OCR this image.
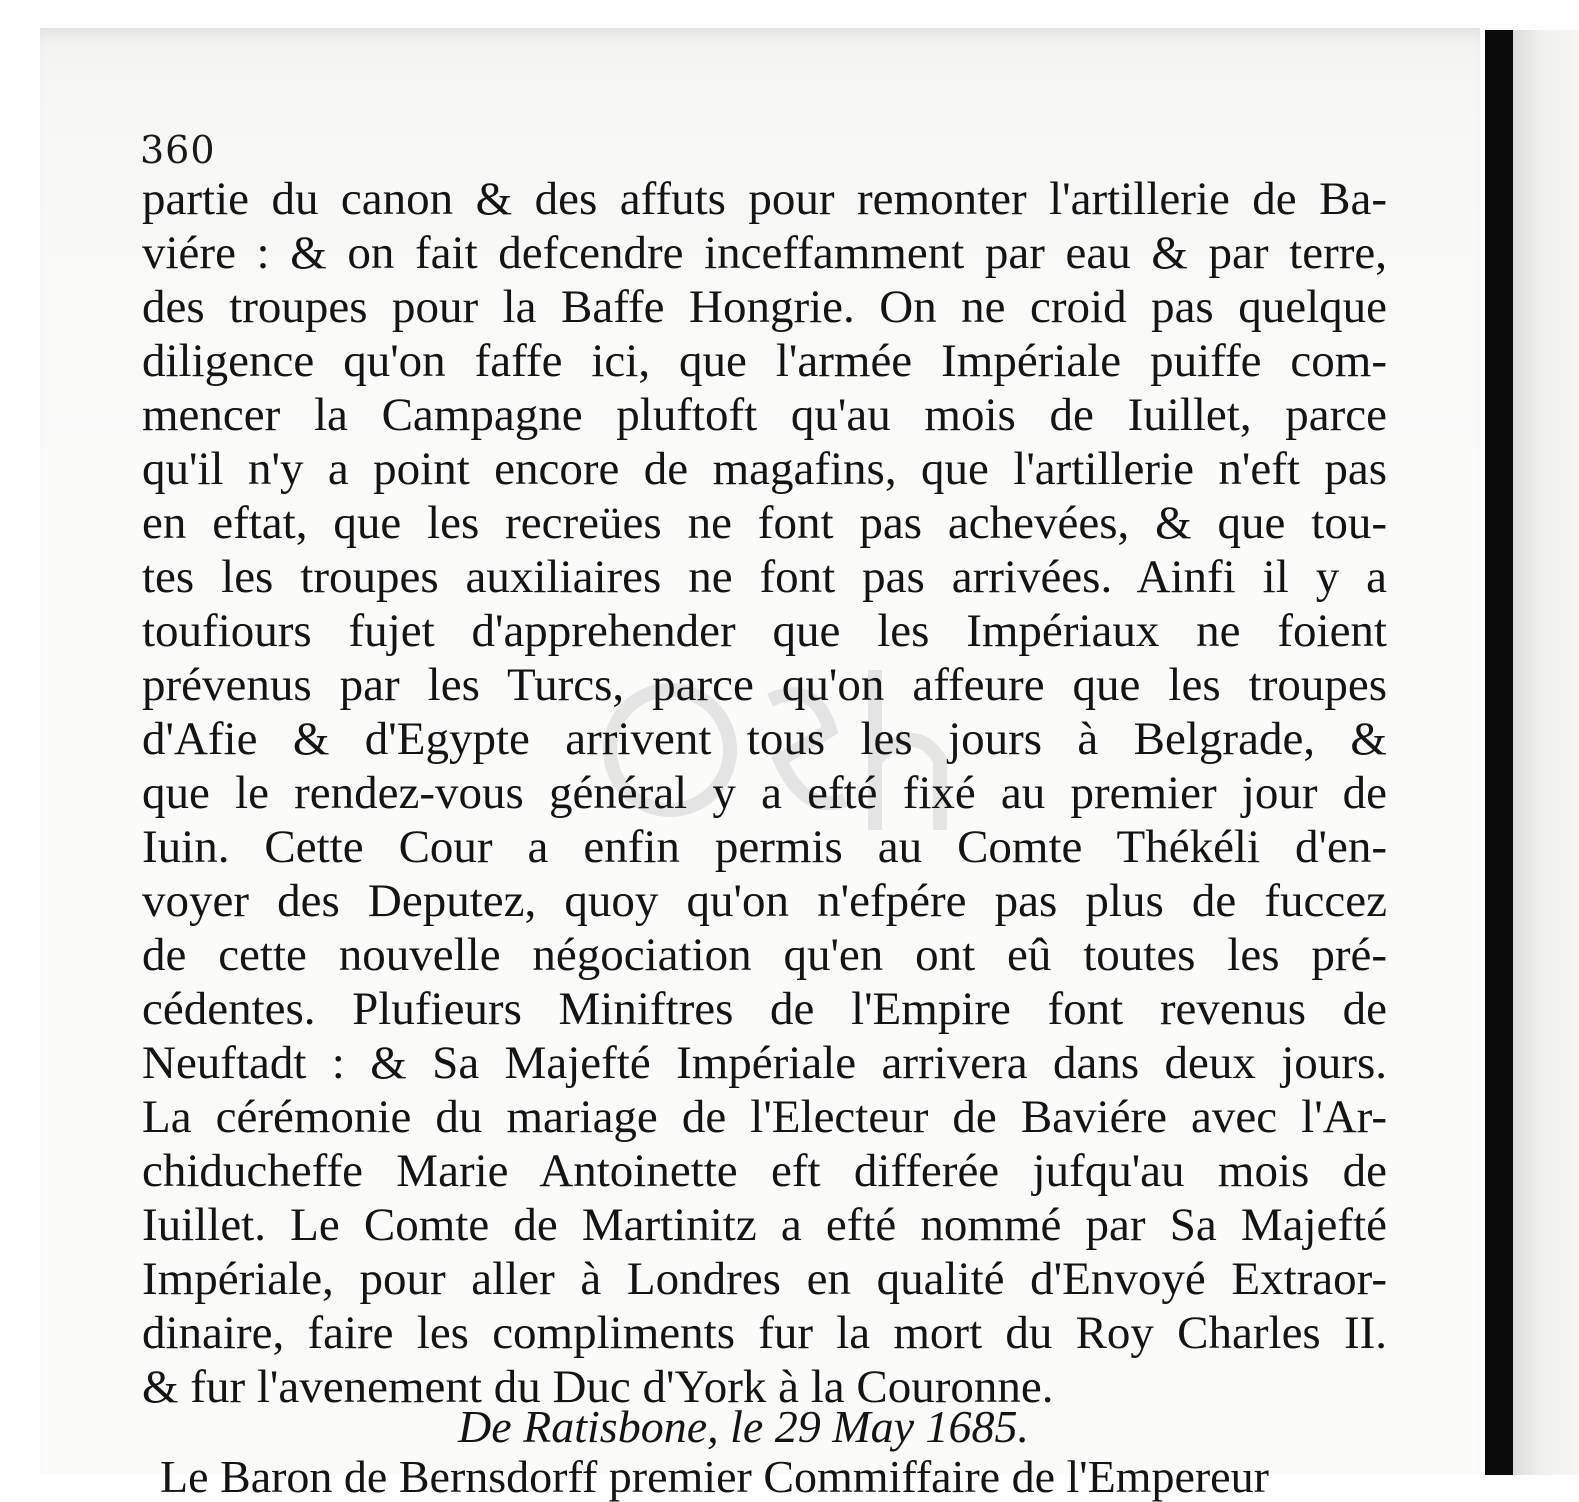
360
partie du canon & des affuts pour remonter l'artillerie de Ba-
viére : & on fait defcendre inceffamment par eau & par terre,
des troupes pour la Baffe Hongrie. On ne croid pas quelque
diligence qu'on faffe ici, que l'armée Impériale puiffe com-
mencer la Campagne pluftoft qu'au mois de Iuillet, parce
qu'il n'y a point encore de magafins, que l'artillerie n'eft pas
en eftat, que les recreües ne font pas achevées, & que tou-
tes les troupes auxiliaires ne font pas arrivées. Ainfi il y a
toufiours fujet d'apprehender que les Impériaux ne foient
prévenus par les Turcs, parce qu'on affeure que les troupes
d'Afie & d'Egypte arrivent tous les jours à Belgrade, &
que le rendez-vous général y a efté fixé au premier jour de
Iuin. Cette Cour a enfin permis au Comte Thékéli d'en-
voyer des Deputez, quoy qu'on n'efpére pas plus de fuccez
de cette nouvelle négociation qu'en ont eû toutes les pré-
cédentes. Plufieurs Miniftres de l'Empire font revenus de
Neuftadt : & Sa Majefté Impériale arrivera dans deux jours.
La cérémonie du mariage de l'Electeur de Baviére avec l'Ar-
chiducheffe Marie Antoinette eft differée jufqu'au mois de
Iuillet. Le Comte de Martinitz a efté nommé par Sa Majefté
Impériale, pour aller à Londres en qualité d'Envoyé Extraor-
dinaire, faire les compliments fur la mort du Roy Charles II.
& fur l'avenement du Duc d'York à la Couronne.
De Ratisbone, le 29 May 1685.
Le Baron de Bernsdorff premier Commiffaire de l'Empereur
